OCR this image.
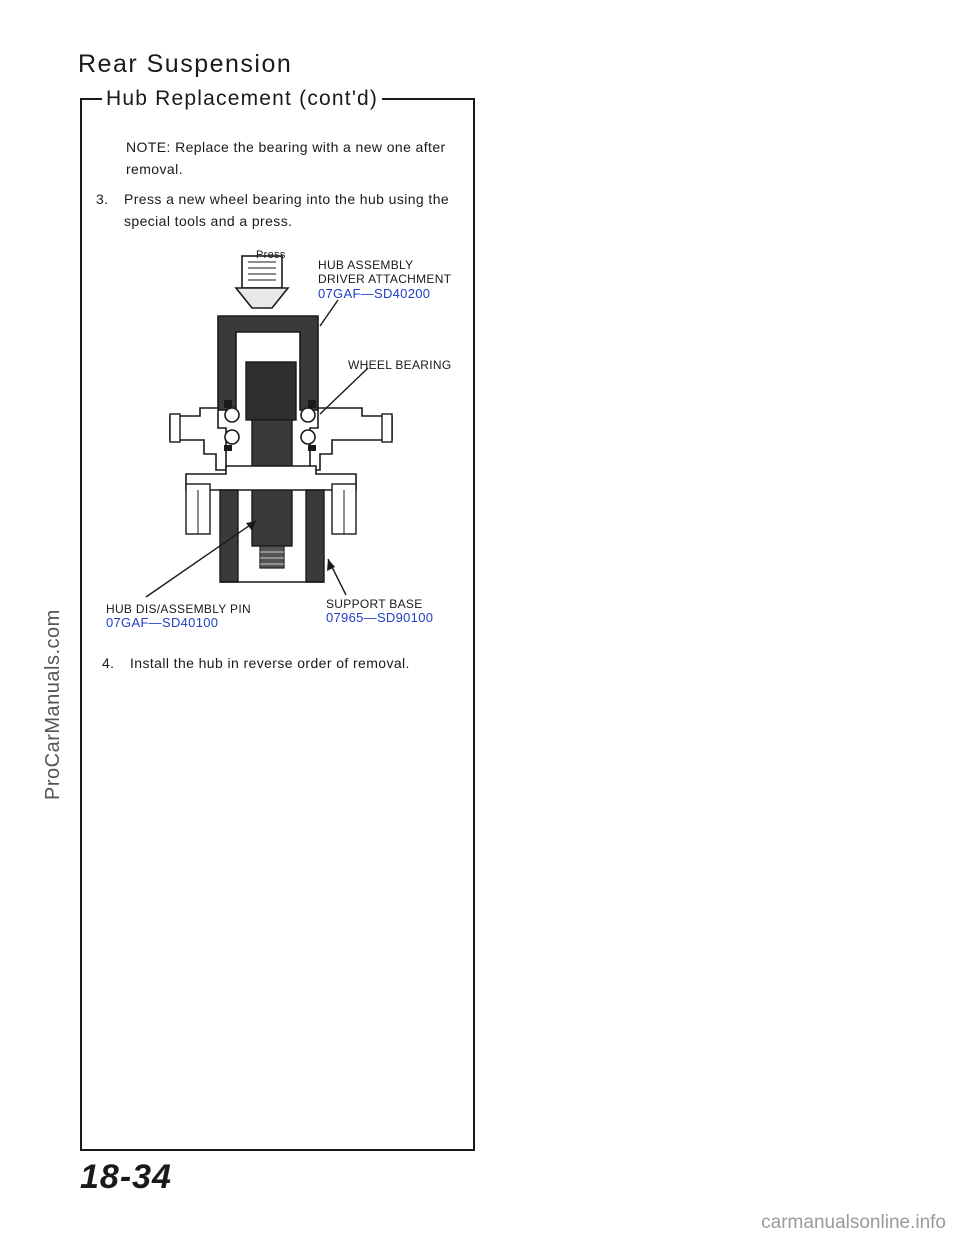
Rear Suspension
Hub Replacement (cont'd)
NOTE: Replace the bearing with a new one after removal.
3. Press a new wheel bearing into the hub using the special tools and a press.
Press
HUB ASSEMBLY
DRIVER ATTACHMENT
07GAF—SD40200
WHEEL BEARING
HUB DIS/ASSEMBLY PIN
07GAF—SD40100
SUPPORT BASE
07965—SD90100
4. Install the hub in reverse order of removal.
18-34
ProCarManuals.com
carmanualsonline.info
